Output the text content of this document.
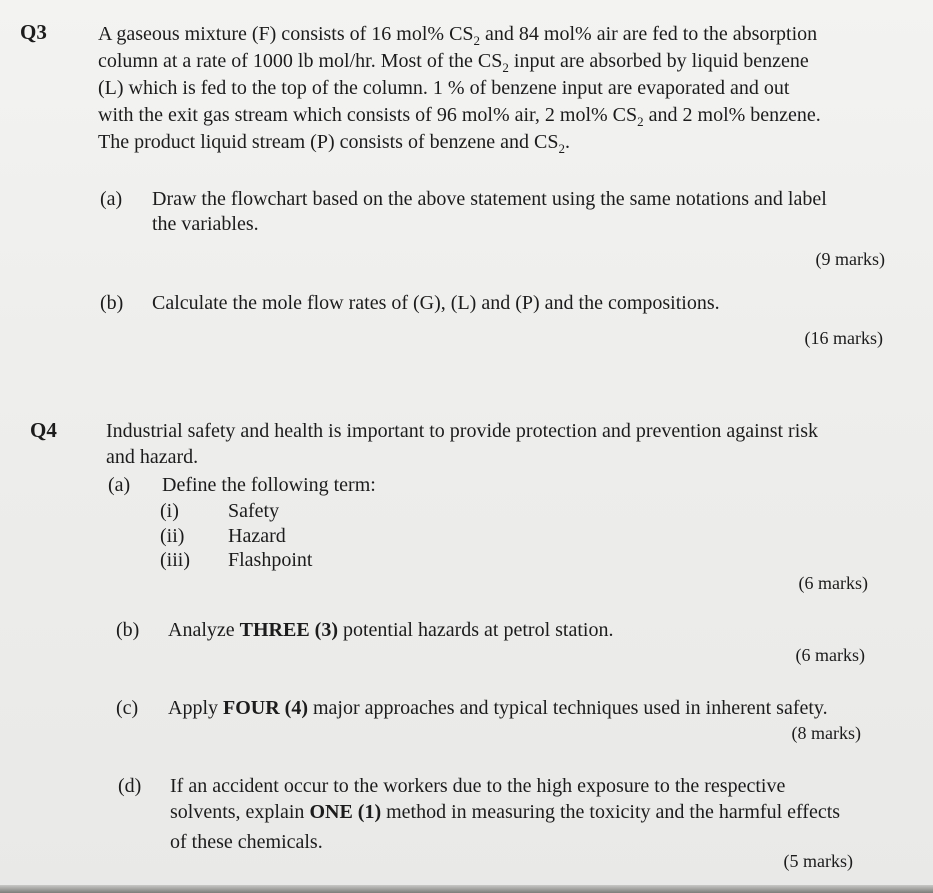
Q3	A gaseous mixture (F) consists of 16 mol% $CS_2$ and 84 mol% air are fed to the absorption
column at a rate of 1000 lb mol/hr. Most of the $CS_2$ input are absorbed by liquid benzene
(L) which is fed to the top of the column. 1 % of benzene input are evaporated and out
with the exit gas stream which consists of 96 mol% air, 2 mol% $CS_2$ and 2 mol% benzene.
The product liquid stream (P) consists of benzene and $CS_2$.
(a) Draw the flowchart based on the above statement using the same notations and label
the variables.
(9 marks)
(b) Calculate the mole flow rates of (G), (L) and (P) and the compositions.
(16 marks)
Q4 Industrial safety and health is important to provide protection and prevention against risk
and hazard.
(a) Define the following term:
(i) Safety
(ii) Hazard
(iii) Flashpoint
(6 marks)
(b) Analyze THREE (3) potential hazards at petrol station.
(6 marks)
(c) Apply FOUR (4) major approaches and typical techniques used in inherent safety.
(8 marks)
(d) If an accident occur to the workers due to the high exposure to the respective
solvents, explain ONE (1) method in measuring the toxicity and the harmful effects
of these chemicals.
(5 marks)
